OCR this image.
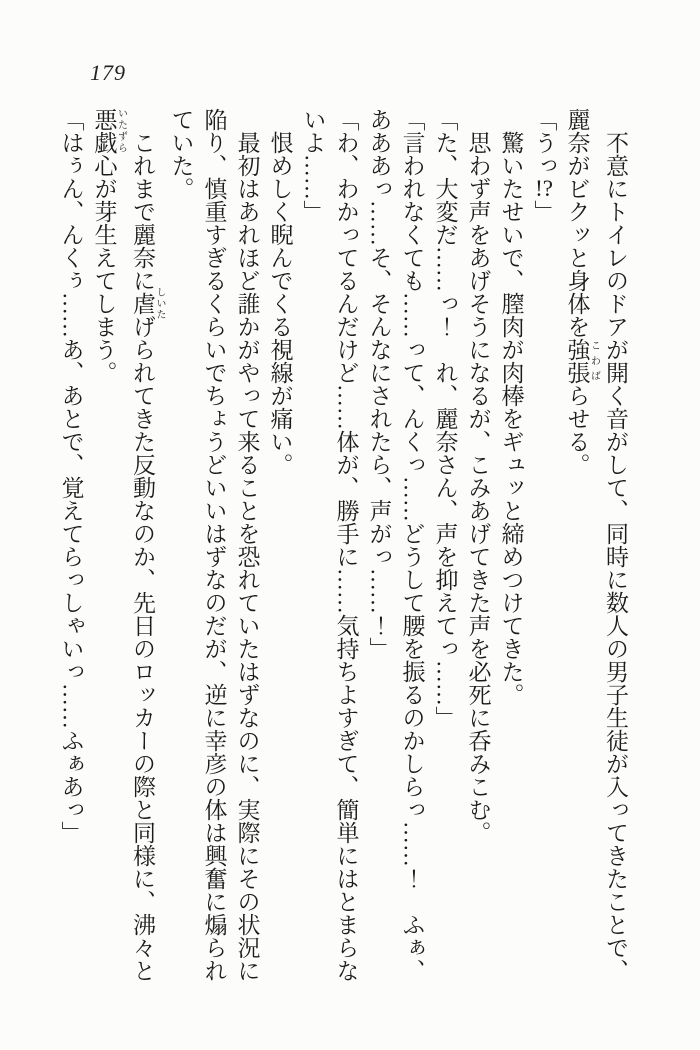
179

不意にトイレのドアが開く音がして、同時に数人の男子生徒が入ってきたことで、

麗奈がビクッと身体を強張 こわばらせる。

「うっ!?」

驚いたせいで、膣肉が肉棒をギュッと締めつけてきた。

思わず声をあげそうになるが、こみあげてきた声を必死に呑みこむ。

「た、大変だ……っ！　れ、麗奈さん、声を抑えてっ……」

「言われなくても……って、んくっ……どうして腰を振るのかしらっ……！　ふぁ、

あああっ……そ、そんなにされたら、声がっ……！」

「わ、わかってるんだけど……体が、勝手に……気持ちよすぎて、簡単にはとまらな

いよ……」

恨めしく睨んでくる視線が痛い。

最初はあれほど誰かがやって来ることを恐れていたはずなのに、実際にその状況に

陥り、慎重すぎるくらいでちょうどいいはずなのだが、逆に幸彦の体は興奮に煽られ

ていた。

これまで麗奈に虐 しいたげられてきた反動なのか、先日のロッカーの際と同様に、沸々と

悪戯 いたずら心が芽生えてしまう。

「はぅん、んくぅ……あ、あとで、覚えてらっしゃいっ……ふぁあっ」
